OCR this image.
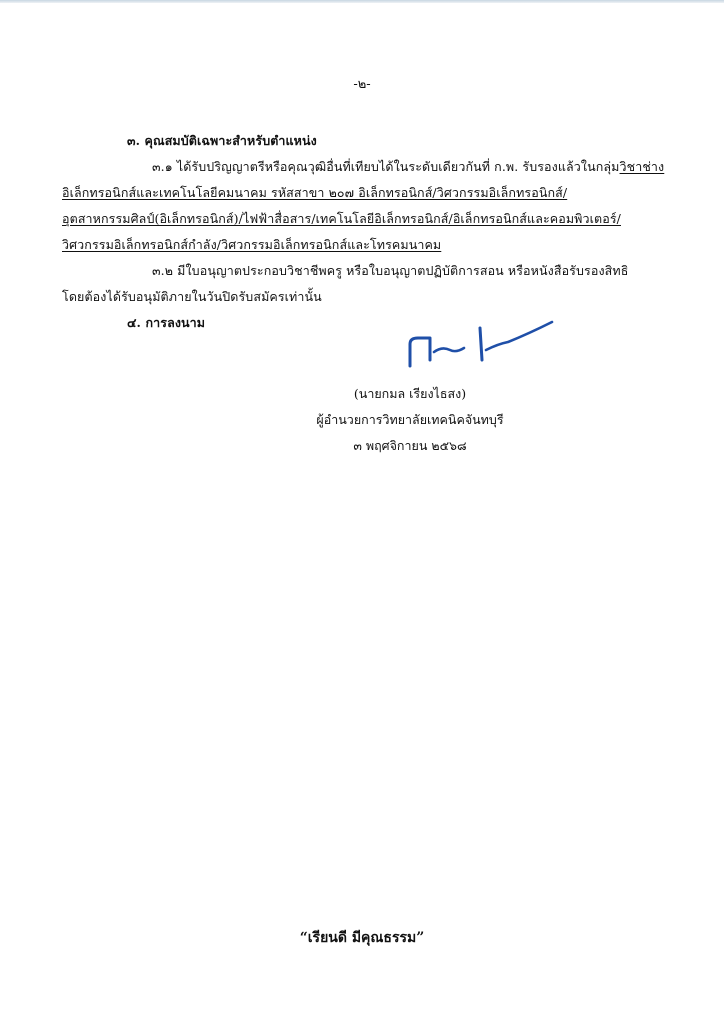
-๒-
๓. คุณสมบัติเฉพาะสำหรับตำแหน่ง
๓.๑ ได้รับปริญญาตรีหรือคุณวุฒิอื่นที่เทียบได้ในระดับเดียวกันที่ ก.พ. รับรองแล้วในกลุ่มวิชาช่าง
อิเล็กทรอนิกส์และเทคโนโลยีคมนาคม รหัสสาขา ๒๐๗ อิเล็กทรอนิกส์/วิศวกรรมอิเล็กทรอนิกส์/
อุตสาหกรรมศิลป์(อิเล็กทรอนิกส์)/ไฟฟ้าสื่อสาร/เทคโนโลยีอิเล็กทรอนิกส์/อิเล็กทรอนิกส์และคอมพิวเตอร์/
วิศวกรรมอิเล็กทรอนิกส์กำลัง/วิศวกรรมอิเล็กทรอนิกส์และโทรคมนาคม
๓.๒ มีใบอนุญาตประกอบวิชาชีพครู หรือใบอนุญาตปฏิบัติการสอน หรือหนังสือรับรองสิทธิ
โดยต้องได้รับอนุมัติภายในวันปิดรับสมัครเท่านั้น
๔. การลงนาม
(นายกมล เรียงไธสง)
ผู้อำนวยการวิทยาลัยเทคนิคจันทบุรี
๓ พฤศจิกายน ๒๕๖๘
“เรียนดี มีคุณธรรม”
